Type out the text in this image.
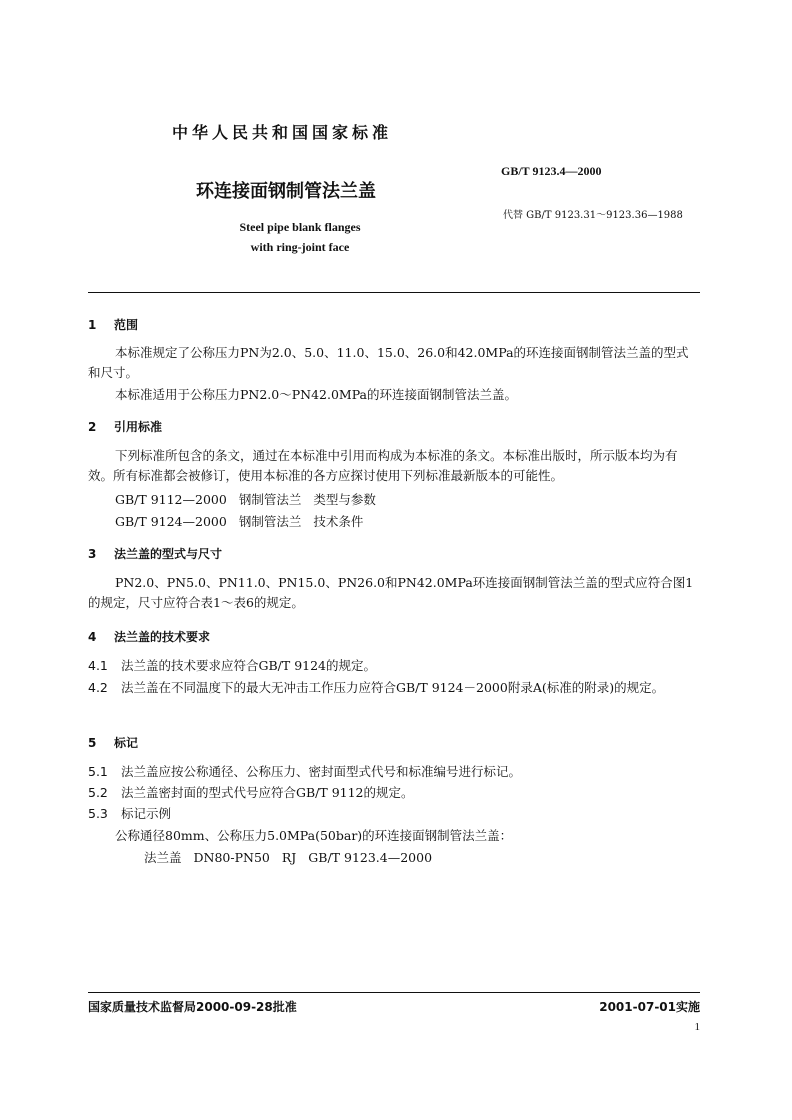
中华人民共和国国家标准
GB/T 9123.4—2000
环连接面钢制管法兰盖
代替 GB/T 9123.31～9123.36—1988
Steel pipe blank flanges
with ring-joint face
1 范围
本标准规定了公称压力PN为2.0、5.0、11.0、15.0、26.0和42.0MPa的环连接面钢制管法兰盖的型式和尺寸。
本标准适用于公称压力PN2.0～PN42.0MPa的环连接面钢制管法兰盖。
2 引用标准
下列标准所包含的条文，通过在本标准中引用而构成为本标准的条文。本标准出版时，所示版本均为有效。所有标准都会被修订，使用本标准的各方应探讨使用下列标准最新版本的可能性。
GB/T 9112—2000 钢制管法兰 类型与参数
GB/T 9124—2000 钢制管法兰 技术条件
3 法兰盖的型式与尺寸
PN2.0、PN5.0、PN11.0、PN15.0、PN26.0和PN42.0MPa环连接面钢制管法兰盖的型式应符合图1的规定，尺寸应符合表1～表6的规定。
4 法兰盖的技术要求
4.1 法兰盖的技术要求应符合GB/T 9124的规定。
4.2 法兰盖在不同温度下的最大无冲击工作压力应符合GB/T 9124－2000附录A(标准的附录)的规定。
5 标记
5.1 法兰盖应按公称通径、公称压力、密封面型式代号和标准编号进行标记。
5.2 法兰盖密封面的型式代号应符合GB/T 9112的规定。
5.3 标记示例
公称通径80mm、公称压力5.0MPa(50bar)的环连接面钢制管法兰盖：
法兰盖 DN80-PN50 RJ GB/T 9123.4—2000
国家质量技术监督局2000-09-28批准	2001-07-01实施
1
